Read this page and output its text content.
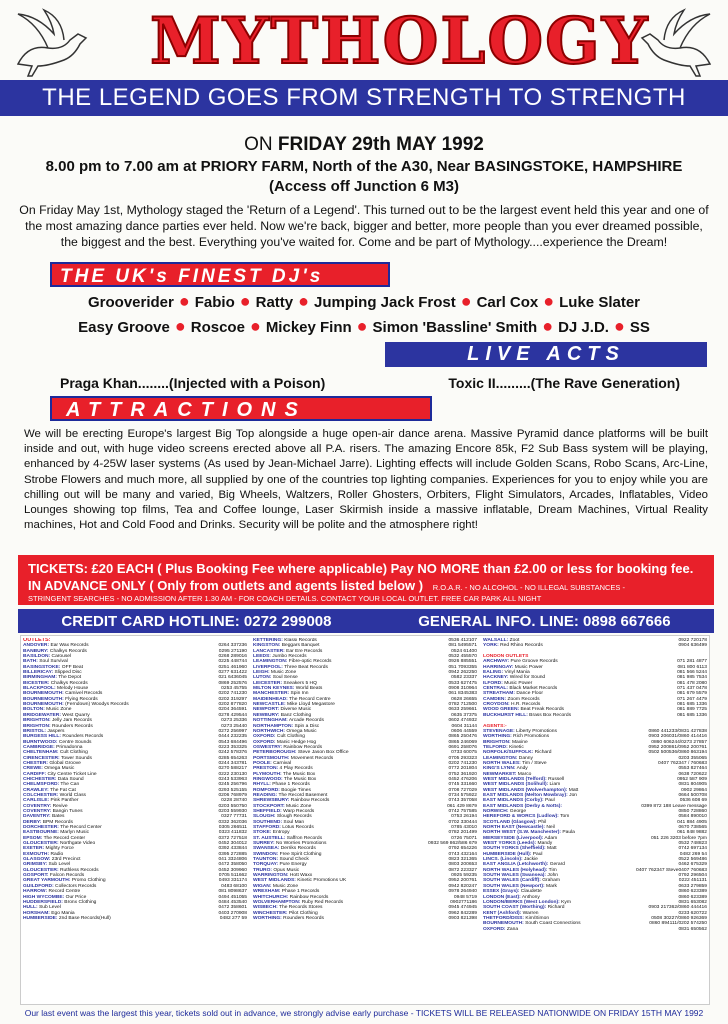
MYTHOLOGY
THE LEGEND GOES FROM STRENGTH TO STRENGTH
ON FRIDAY 29th MAY 1992
8.00 pm to 7.00 am at PRIORY FARM, North of the A30, Near BASINGSTOKE, HAMPSHIRE
(Access off Junction 6 M3)
On Friday May 1st, Mythology staged the 'Return of a Legend'. This turned out to be the largest event held this year and one of the most amazing dance parties ever held. Now we're back, bigger and better, more people than you ever dreamed possible, the biggest and the best. Everything you've waited for. Come and be part of Mythology....experience the Dream!
THE UK's FINEST DJ's
Grooverider ● Fabio ● Ratty ● Jumping Jack Frost ● Carl Cox ● Luke Slater
Easy Groove ● Roscoe ● Mickey Finn ● Simon 'Bassline' Smith ● DJ J.D. ● SS
LIVE ACTS
Praga Khan........(Injected with a Poison)	Toxic II.........(The Rave Generation)
ATTRACTIONS
We will be erecting Europe's largest Big Top alongside a huge open-air dance arena. Massive Pyramid dance platforms will be built inside and out, with huge video screens erected above all P.A. risers. The amazing Encore 85k, F2 Sub Bass system will be playing, enhanced by 4-25W laser systems (As used by Jean-Michael Jarre). Lighting effects will include Golden Scans, Robo Scans, Arc-Line, Strobe Flowers and much more, all supplied by one of the countries top lighting companies. Experiences for you to enjoy while you are chilling out will be many and varied, Big Wheels, Waltzers, Roller Ghosters, Orbiters, Flight Simulators, Arcades, Inflatables, Video Lounges showing top films, Tea and Coffee lounge, Laser Skirmish inside a massive inflatable, Dream Machines, Virtual Reality machines, Hot and Cold Food and Drinks. Security will be polite and the atmosphere right!
TICKETS: £20 EACH ( Plus Booking Fee where applicable) Pay NO MORE than £2.00 or less for booking fee.
IN ADVANCE ONLY ( Only from outlets and agents listed below ) R.O.A.R. - NO ALCOHOL - NO ILLEGAL SUBSTANCES -
STRINGENT SEARCHES - NO ADMISSION AFTER 1.30 AM - FOR COACH DETAILS. CONTACT YOUR LOCAL OUTLET. FREE CAR PARK ALL NIGHT
CREDIT CARD HOTLINE: 0272 299008	GENERAL INFO. LINE: 0898 667666
OUTLETS:
ANDOVER: Ear Wax Records	0264 337236
BANBURY: Chalkys Records	0295 271190
BASILDON: Carousel	0268 289016
BATH: Soul Survival	0225 448744
BASINGSTOKE: OFF Beat	0251 461960
BILLERICAY: Slipped Disc	0277 631422
BIRMINGHAM: The Depot	021 6436045
BICESTER: Chalkys Records	0869 252576
BLACKPOOL: Melody House	0253 45755
BOURNEMOUTH: Camivel Records	0202 741230
BOURNEMOUTH: Flying Records	0202 319297
BOURNEMOUTH: (Ferndown) Woodys Records	0202 877820
BOLTON: Music Zone	0204 364591
BRIDGEWATER: West Quarry	0278 429544
BRIGHTON: Jelly Jam Records	0273 25336
BRIGHTON: Rounders Records	0273 25440
BRISTOL: Jaspers	0272 256997
BURGESS HILL: Rounders Records	0444 232235
BURNTWOOD: Centre Sounds	0543 684496
CAMBRIDGE: Primadonna	0223 353325
CHELTENHAM: Cult Clothing	0242 578376
CIRENCESTER: Tower Sounds	0285 654263
CHESTER: Global Groove	0244 343781
CREWE: Omega Music	0270 588217
CARDIFF: City Centre Ticket Line	0222 230130
CHICHESTER: Data Sound	0243 533963
CHELMSFORD: The Can	0245 256796
CRAWLEY: The Fat Cat	0293 525155
COLCHESTER: World Class	0206 768979
CARLISLE: Pink Panther	0228 28740
COVENTRY: Revive	0203 550750
COVENTRY: Bangin Tunes	0203 559930
DAVENTRY: Bates	0327 77731
DERBY: BPM Records	0332 362036
DORCHESTER: The Record Center	0305 266511
EASTBOURNE: Marlyn Music	0323 411832
EPSOM: The Record Center	0372 727518
GLOUCESTER: Northgate Video	0452 304012
EXETER: Mighty Force	0392 433844
EXMOUTH: Radio	0395 272885
GLASGOW: 23rd Precinct	041 3324806
GRIMSBY: Sub Level	0472 358050
GLOUCESTER: Ruthless Records	0452 309960
GOSPORT: Falcon Records	0705 511662
GREAT YARMOUTH: Promo Clothing	0493 331174
GUILDFORD: Collectors Records	0483 68100
HARROW: Record Centre	081 8098637
HIGH WYCOMBE: Our Price	0494 451055
HUDDERSFIELD: Bronx Clothing	0484 453540
HULL: Sub Level	0472 358601
HORSHAM: Ego Mania	0403 270908
HUMBERSIDE: 2nd Base Records(Hull)	0482 277 59
KETTERING: Klassi Records	0536 412107
KINGSTON: Beggars Banquet	081 5495571
LANCASTER: Ear Ere Records	0524 61400
LEEDS: Jumbo Records	0532 455570
LEAMINGTON: Fibre-optic Records	0926 885551
LIVERPOOL: Three Beat Records	051 7093355
LEIGH: Music Zone	0942 262250
LUTON: Soul Sense	0582 23337
LEICESTER: Sneakers 5 HQ	0533 627475
MILTON KEYNES: World Beats	0908 310964
MANCHESTER: Spin Inn	061 8345383
MAIDENHEAD: The Record Centre	0628 26655
NEWCASTLE: Mike Lloyd Megastore	0782 712500
NEWPORT: Diverse Music	0633 259661
NEWBURY: Banz Clothing	0635 37375
NOTTINGHAM: Arcade Records	0602 474932
NORTHAMPTON: Spin a Disc	0604 31144
NORTHWICH: Omega Music	0606 44559
OXFORD: Cult Clothing	0865 250476
OXFORD: Manic Hedge Hog	0865 246069
OSWESTRY: Rainbow Records	0691 258076
PETERBOROUGH: Steve Jason Box Office	0733 60075
PORTSMOUTH: Movement Records	0705 293323
POOLE: Carnival	0202 741230
PRESTON: 4 Play Records	0772 201804
PLYMOUTH: The Music Box	0752 361920
RINGWOOD: The Music Box	0452 476206
RHYLL: Phase 1 Records	0745 331660
ROMFORD: Boogie Times	0708 727029
READING: The Record Basement	0734 575922
SHREWSBURY: Rainbow Records	0743 357058
STOCKPORT: Music Zone	061 429 8679
SHEFFIELD: Warp Records	0742 757585
SLOUGH: Slough Records	0753 26194
SOUTHEND: Soul Man	0702 330444
STAFFORD: Lotus Records	0785 43010
STOKE: Entropy	0782 201499
ST. AUSTELL: Saffron Records	0726 75071
SURREY: No Worries Promotions	0932 569 862/586 679
SWANSEA: Derriks Records	0792 654226
SWINDON: Free Spirit Clothing	0743 432164
TAUNTON: Sound Check	0823 321365
TORQUAY: Pure Energy	0803 200653
TRURO: Opus Music	0872 223327
WARRINGTON: Hott Waxx	0925 59235
WEST MIDLANDS: Kinetic Promotions UK	0952 200761
WIGAN: Music Zone	0942 820247
WREXHAM: Phase 1 Records	0978 264940
WHITCHURCH: Rainbow Records	0948 5719
WOLVERHAMPTON: Ruby Red Records	0902771186
WISBECH: The Records Stores	0945 474945
WINCHESTER: Pilot Clothing	0962 842289
WORTHING: Rounders Records	0903 821398
WALSALL: Zoot	0922 720178
YORK: Red Rhino Records	0904 636499

LONDON OUTLETS

ARCHWAY: Pure Groove Records	071 281 4877
HARRINGAY: Music Power	081 800 6113
EALING: Vinyl Mania	081 566 5244
HACKNEY: Wired for Sound	081 985 7534
ILFORD: Music Power	081 478 2080
CENTRAL: Black Market Records	071 437 0478
STREATHAM: Dance Floor	081 679 5579
CAMDEN: Zoom Records	071 267 4479
CROYDON: H.R. Records	081 685 1336
WOOD GREEN: Beat Freak Records	081 889 7725
BUCKHURST HILL: Brass Box Records	081 685 1336

AGENTS:-

STEVENAGE: Liberty Promotions	0860 441233/0831 427838
WORTHING: Rich Promotions	0903 206031/0860 414416
BRIGHTON: Maxine	0860 606244/0273 27857
TELFORD: Kinetic	0952 200861/0952 200761
NORFOLK/SUFFOLK: Richard	0502 500536/0860 863194
LEAMINGTON: Danny	0203 355065
NORTH WALES: Tim / Steve	0407 762347 / 760683
KING'S LYNN: Andy	0553 827464
NEWMARKET: Marco	0638 720622
WEST MIDLANDS (Telford): Russell	0952 587 909
WEST MIDLANDS (Solihull): Liam	0831 804905
WEST MIDLANDS (Wolverhampton): Matt	0902 29864
EAST MIDLANDS (Melton Mowbray): Jon	0664 500708
EAST MIDLANDS (Corby): Paul	0536 608 69
EAST MIDLANDS (Derby & Notts):	0399 872 188 Leave message
NORWICH: George	0850 728860
HEREFORD & WORCS (Ludlow): Tom	0584 890010
SCOTLAND (Glasgow): Phil	041 884 4905
NORTH EAST (Newcastle): Neil	0670 738565
NORTH WEST (S.W. Manchester): Paula	061 848 9882
MERSEYSIDE (Liverpool): Adam	051 226 3203 before 7pm
WEST YORKS (Leeds): Mandy	0532 748823
SOUTH YORKS (Sheffield): Matt	0742 697134
HUMBERSIDE (Hull): Paul	0482 269 54
LINCS. (Lincoln): Jackie	0522 569486
EAST ANGLIA (Letchworth): Gerard	0462 675329
NORTH WALES (Holyhead): Tim	0407 762347 Steve0407 760683
SOUTH WALES (Swansea): John	0792 296504
SOUTH WALES (Cardiff): Graham	0222 451131
SOUTH WALES (Newport): Mark	0633 279859
ESSEX (Grays): Claudette	0860 623389
LONDON (East): Anthony	0860 623389
LONDON/BERKS (West London): Kym	0831 653082
SOUTH COAST (Worthing): Richard	0903 217362/0860 444416
KENT (Ashford): Warren	0233 620722
THETFORD/DISS: Kim/Simon	0508 30227/0860 926369
BOURNEMOUTH: South Coast Connections	0860 894111/0202 574250
OXFORD: Zana	0831 650562
Our last event was the largest this year, tickets sold out in advance, we strongly advise early purchase - TICKETS WILL BE RELEASED NATIONWIDE ON FRIDAY 15TH MAY 1992
